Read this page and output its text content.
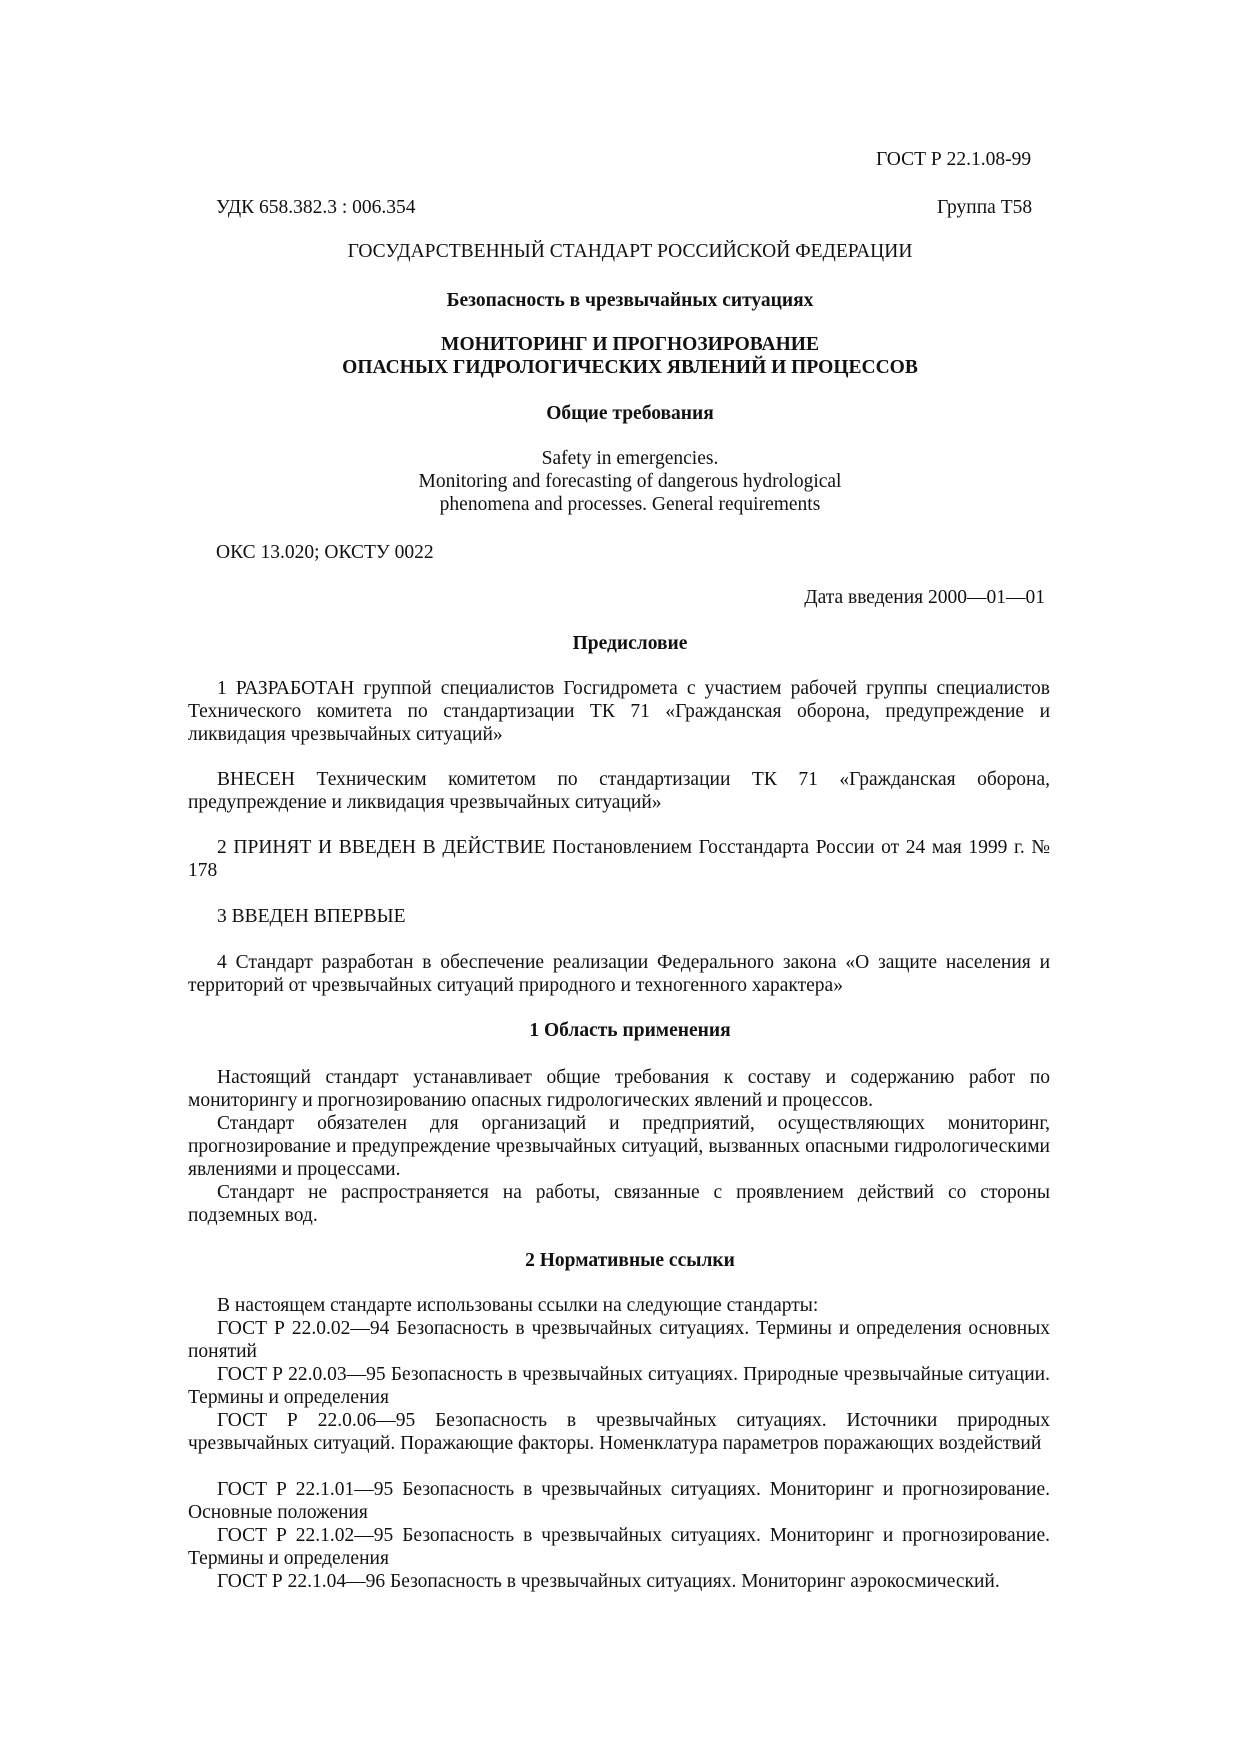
ГОСТ Р 22.1.08-99
УДК 658.382.3 : 006.354	Группа Т58
ГОСУДАРСТВЕННЫЙ СТАНДАРТ РОССИЙСКОЙ ФЕДЕРАЦИИ
Безопасность в чрезвычайных ситуациях
МОНИТОРИНГ И ПРОГНОЗИРОВАНИЕ
ОПАСНЫХ ГИДРОЛОГИЧЕСКИХ ЯВЛЕНИЙ И ПРОЦЕССОВ
Общие требования
Safety in emergencies.
Monitoring and forecasting of dangerous hydrological
phenomena and processes. General requirements
ОКС 13.020; ОКСТУ 0022
Дата введения 2000—01—01
Предисловие
1 РАЗРАБОТАН группой специалистов Госгидромета с участием рабочей группы специалистов Технического комитета по стандартизации ТК 71 «Гражданская оборона, предупреждение и ликвидация чрезвычайных ситуаций»
ВНЕСЕН Техническим комитетом по стандартизации ТК 71 «Гражданская оборона, предупреждение и ликвидация чрезвычайных ситуаций»
2 ПРИНЯТ И ВВЕДЕН В ДЕЙСТВИЕ Постановлением Госстандарта России от 24 мая 1999 г. № 178
3 ВВЕДЕН ВПЕРВЫЕ
4 Стандарт разработан в обеспечение реализации Федерального закона «О защите населения и территорий от чрезвычайных ситуаций природного и техногенного характера»
1 Область применения
Настоящий стандарт устанавливает общие требования к составу и содержанию работ по мониторингу и прогнозированию опасных гидрологических явлений и процессов.
Стандарт обязателен для организаций и предприятий, осуществляющих мониторинг, прогнозирование и предупреждение чрезвычайных ситуаций, вызванных опасными гидрологическими явлениями и процессами.
Стандарт не распространяется на работы, связанные с проявлением действий со стороны подземных вод.
2 Нормативные ссылки
В настоящем стандарте использованы ссылки на следующие стандарты:
ГОСТ Р 22.0.02—94 Безопасность в чрезвычайных ситуациях. Термины и определения основных понятий
ГОСТ Р 22.0.03—95 Безопасность в чрезвычайных ситуациях. Природные чрезвычайные ситуации. Термины и определения
ГОСТ Р 22.0.06—95 Безопасность в чрезвычайных ситуациях. Источники природных чрезвычайных ситуаций. Поражающие факторы. Номенклатура параметров поражающих воздействий
ГОСТ Р 22.1.01—95 Безопасность в чрезвычайных ситуациях. Мониторинг и прогнозирование. Основные положения
ГОСТ Р 22.1.02—95 Безопасность в чрезвычайных ситуациях. Мониторинг и прогнозирование. Термины и определения
ГОСТ Р 22.1.04—96 Безопасность в чрезвычайных ситуациях. Мониторинг аэрокосмический.
